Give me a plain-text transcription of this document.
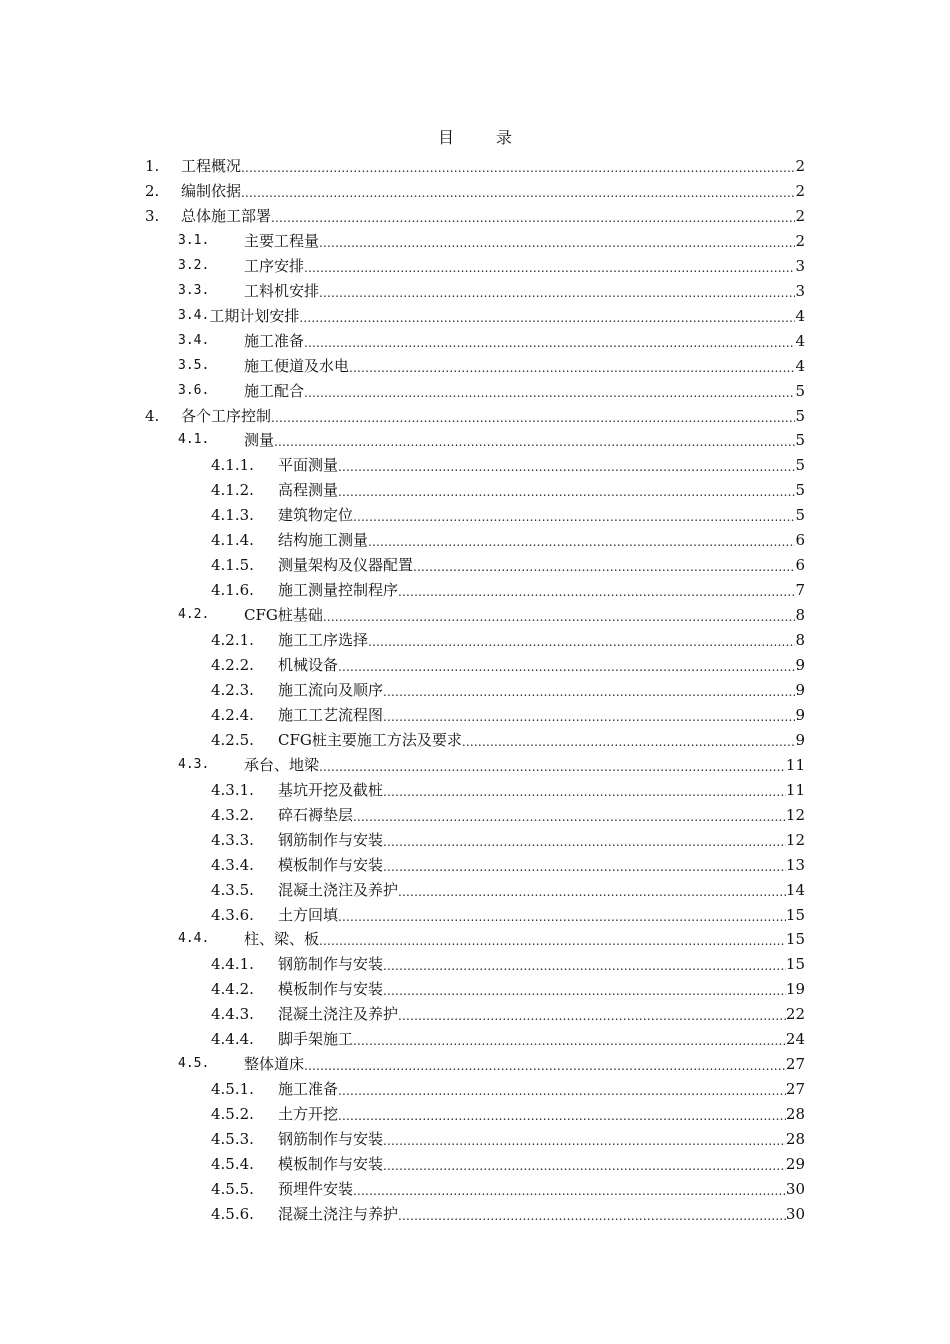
目	录
1.	工程概况 .....	2
2.	编制依据 .....	2
3.	总体施工部署 .....	2
3.1.	主要工程量 .....	2
3.2.	工序安排 .....	3
3.3.	工料机安排 .....	3
3.4. 工期计划安排 .....	4
3.4.	施工准备 .....	4
3.5.	施工便道及水电 .....	4
3.6.	施工配合 .....	5
4.	各个工序控制 .....	5
4.1.	测量 .....	5
4.1.1.	平面测量 .....	5
4.1.2.	高程测量 .....	5
4.1.3.	建筑物定位 .....	5
4.1.4.	结构施工测量 .....	6
4.1.5.	测量架构及仪器配置 .....	6
4.1.6.	施工测量控制程序 .....	7
4.2.	CFG桩基础 .....	8
4.2.1.	施工工序选择 .....	8
4.2.2.	机械设备 .....	9
4.2.3.	施工流向及顺序 .....	9
4.2.4.	施工工艺流程图 .....	9
4.2.5.	CFG桩主要施工方法及要求 .....	9
4.3.	承台、地梁 .....	11
4.3.1.	基坑开挖及截桩 .....	11
4.3.2.	碎石褥垫层 .....	12
4.3.3.	钢筋制作与安装 .....	12
4.3.4.	模板制作与安装 .....	13
4.3.5.	混凝土浇注及养护 .....	14
4.3.6.	土方回填 .....	15
4.4.	柱、梁、板 .....	15
4.4.1.	钢筋制作与安装 .....	15
4.4.2.	模板制作与安装 .....	19
4.4.3.	混凝土浇注及养护 .....	22
4.4.4.	脚手架施工 .....	24
4.5.	整体道床 .....	27
4.5.1.	施工准备 .....	27
4.5.2.	土方开挖 .....	28
4.5.3.	钢筋制作与安装 .....	28
4.5.4.	模板制作与安装 .....	29
4.5.5.	预埋件安装 .....	30
4.5.6.	混凝土浇注与养护 .....	30
